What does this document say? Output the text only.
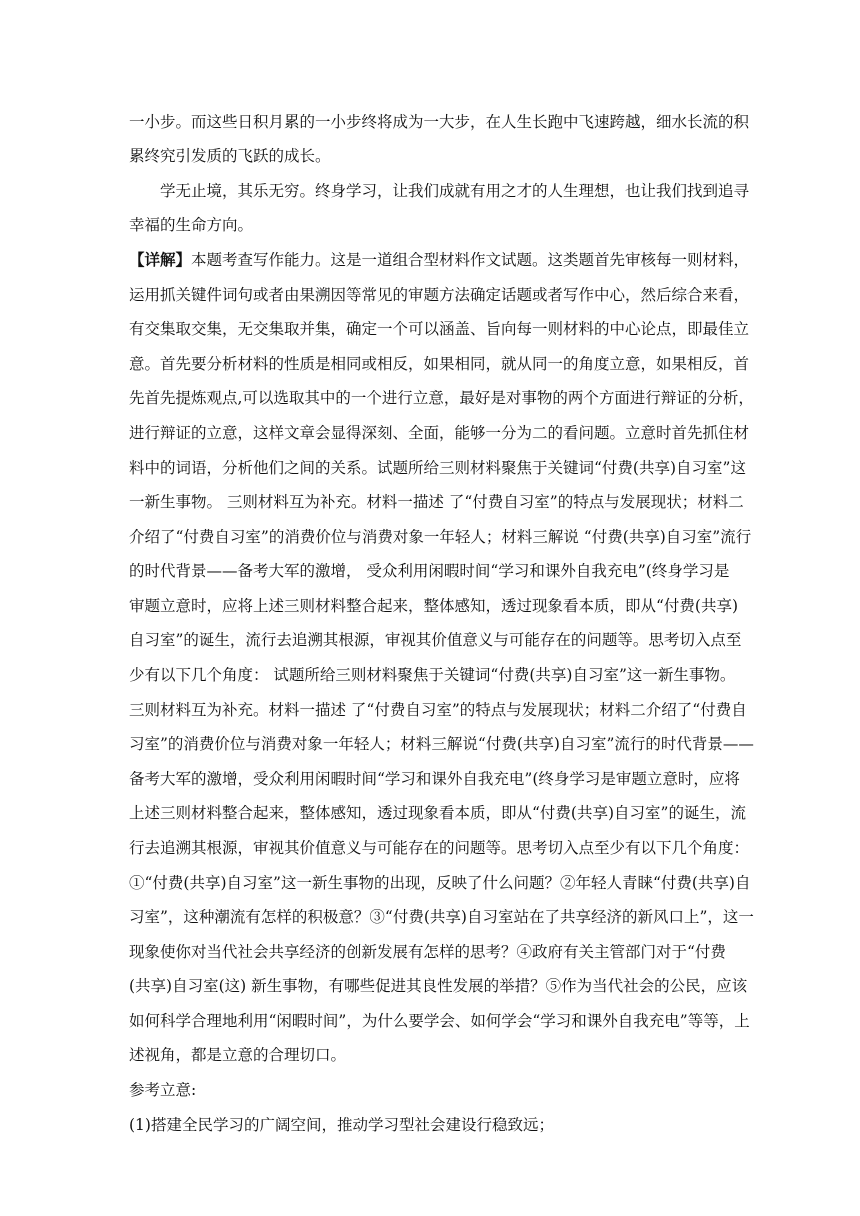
一小步。而这些日积月累的一小步终将成为一大步，在人生长跑中飞速跨越，细水长流的积
累终究引发质的飞跃的成长。
学无止境，其乐无穷。终身学习，让我们成就有用之才的人生理想，也让我们找到追寻
幸福的生命方向。
【详解】本题考查写作能力。这是一道组合型材料作文试题。这类题首先审核每一则材料，
运用抓关键件词句或者由果溯因等常见的审题方法确定话题或者写作中心，然后综合来看，
有交集取交集，无交集取并集，确定一个可以涵盖、旨向每一则材料的中心论点，即最佳立
意。首先要分析材料的性质是相同或相反，如果相同，就从同一的角度立意，如果相反，首
先首先提炼观点,可以选取其中的一个进行立意，最好是对事物的两个方面进行辩证的分析，
进行辩证的立意，这样文章会显得深刻、全面，能够一分为二的看问题。立意时首先抓住材
料中的词语，分析他们之间的关系。试题所给三则材料聚焦于关键词“付费(共享)自习室”这
一新生事物。 三则材料互为补充。材料一描述 了“付费自习室”的特点与发展现状；材料二
介绍了“付费自习室”的消费价位与消费对象一年轻人；材料三解说 “付费(共享)自习室”流行
的时代背景——备考大军的激增， 受众利用闲暇时间“学习和课外自我充电”(终身学习是
审题立意时，应将上述三则材料整合起来，整体感知，透过现象看本质，即从“付费(共享)
自习室”的诞生，流行去追溯其根源，审视其价值意义与可能存在的问题等。思考切入点至
少有以下几个角度： 试题所给三则材料聚焦于关键词“付费(共享)自习室”这一新生事物。
三则材料互为补充。材料一描述 了“付费自习室”的特点与发展现状；材料二介绍了“付费自
习室”的消费价位与消费对象一年轻人；材料三解说“付费(共享)自习室”流行的时代背景——
备考大军的激增，受众利用闲暇时间“学习和课外自我充电”(终身学习是审题立意时，应将
上述三则材料整合起来，整体感知，透过现象看本质，即从“付费(共享)自习室”的诞生，流
行去追溯其根源，审视其价值意义与可能存在的问题等。思考切入点至少有以下几个角度：
①“付费(共享)自习室”这一新生事物的出现，反映了什么问题？②年轻人青睐“付费(共享)自
习室”，这种潮流有怎样的积极意？③“付费(共享)自习室站在了共享经济的新风口上”，这一
现象使你对当代社会共享经济的创新发展有怎样的思考？④政府有关主管部门对于“付费
(共享)自习室(这) 新生事物，有哪些促进其良性发展的举措？⑤作为当代社会的公民，应该
如何科学合理地利用“闲暇时间”，为什么要学会、如何学会“学习和课外自我充电”等等，上
述视角，都是立意的合理切口。
参考立意:
(1)搭建全民学习的广阔空间，推动学习型社会建设行稳致远；
